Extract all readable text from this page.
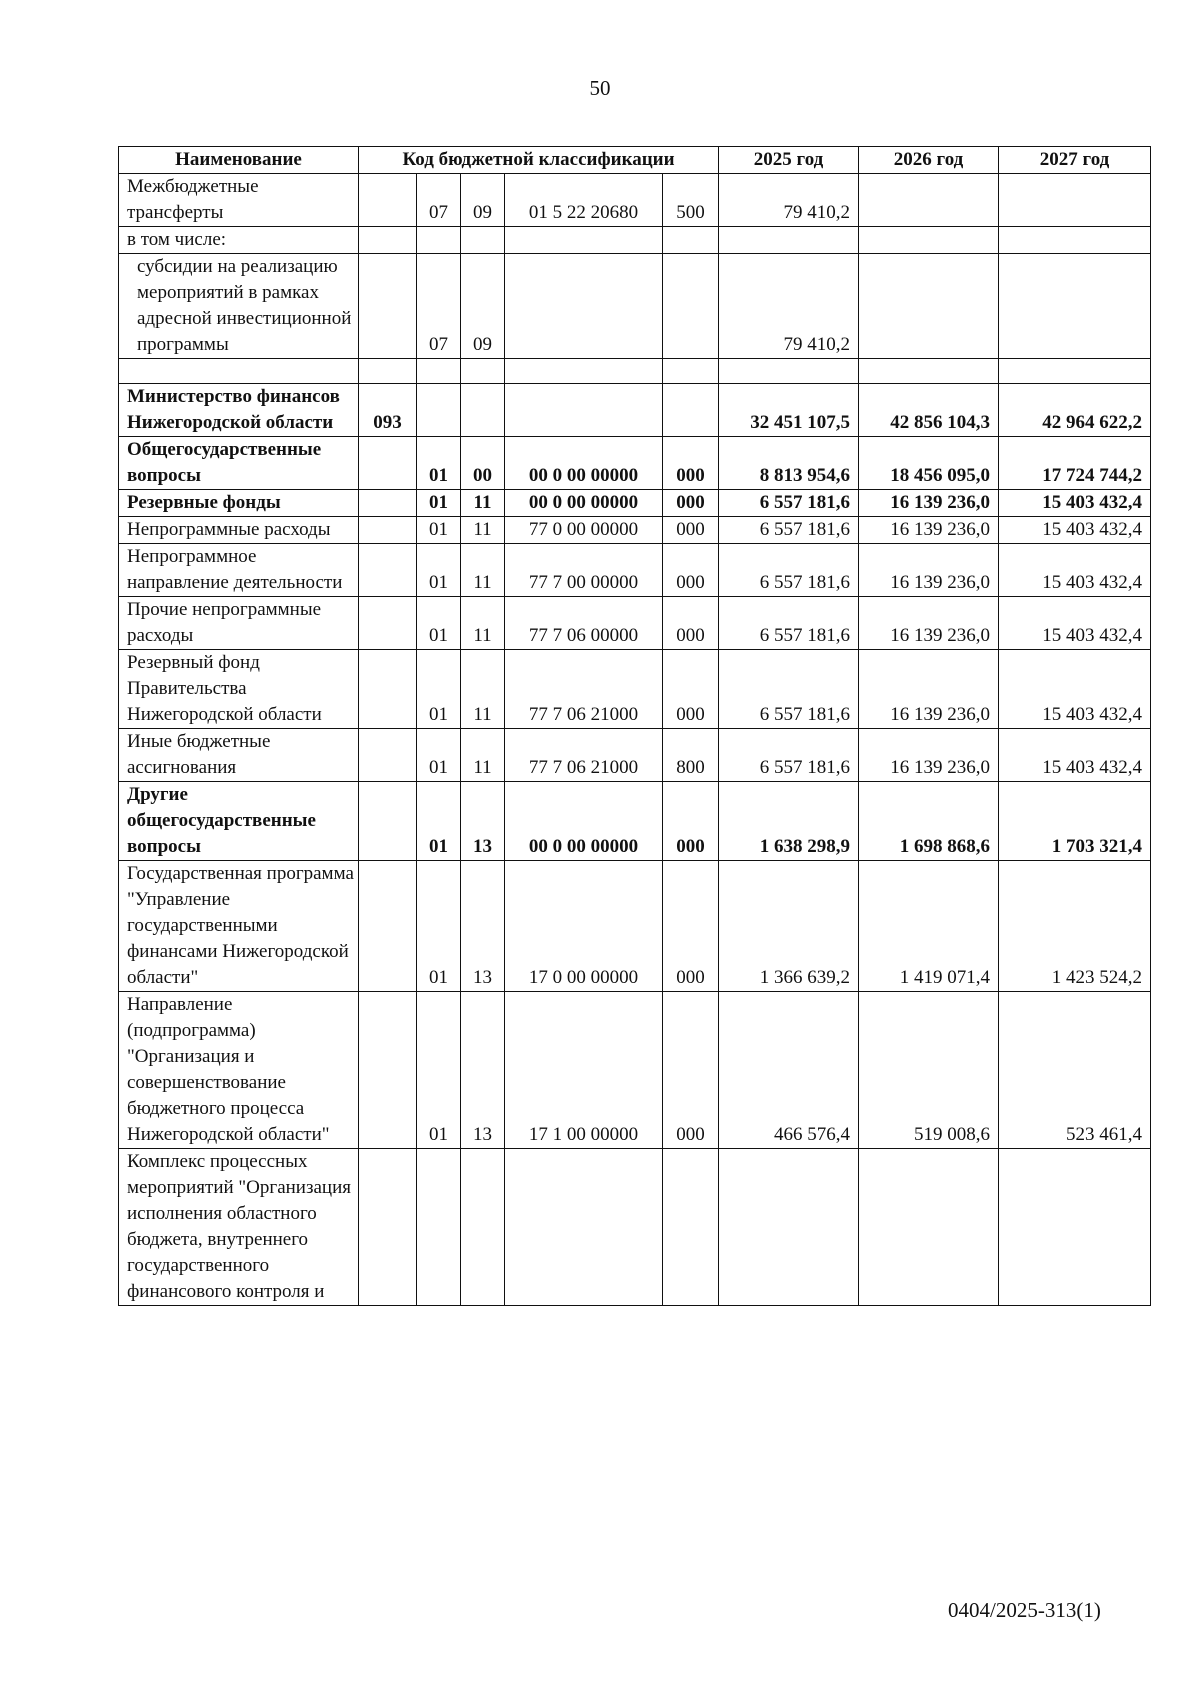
50
Наименование	Код бюджетной классификации					2025 год	2026 год	2027 год
Межбюджетные трансферты		07	09	01 5 22 20680	500	79 410,2		
в том числе:								
субсидии на реализацию мероприятий в рамках адресной инвестиционной программы		07	09			79 410,2		

Министерство финансов Нижегородской области	093					32 451 107,5	42 856 104,3	42 964 622,2
Общегосударственные вопросы		01	00	00 0 00 00000	000	8 813 954,6	18 456 095,0	17 724 744,2
Резервные фонды		01	11	00 0 00 00000	000	6 557 181,6	16 139 236,0	15 403 432,4
Непрограммные расходы		01	11	77 0 00 00000	000	6 557 181,6	16 139 236,0	15 403 432,4
Непрограммное направление деятельности		01	11	77 7 00 00000	000	6 557 181,6	16 139 236,0	15 403 432,4
Прочие непрограммные расходы		01	11	77 7 06 00000	000	6 557 181,6	16 139 236,0	15 403 432,4
Резервный фонд Правительства Нижегородской области		01	11	77 7 06 21000	000	6 557 181,6	16 139 236,0	15 403 432,4
Иные бюджетные ассигнования		01	11	77 7 06 21000	800	6 557 181,6	16 139 236,0	15 403 432,4
Другие общегосударственные вопросы		01	13	00 0 00 00000	000	1 638 298,9	1 698 868,6	1 703 321,4
Государственная программа "Управление государственными финансами Нижегородской области"		01	13	17 0 00 00000	000	1 366 639,2	1 419 071,4	1 423 524,2
Направление (подпрограмма) "Организация и совершенствование бюджетного процесса Нижегородской области"		01	13	17 1 00 00000	000	466 576,4	519 008,6	523 461,4
Комплекс процессных мероприятий "Организация исполнения областного бюджета, внутреннего государственного финансового контроля и								
0404/2025-313(1)
